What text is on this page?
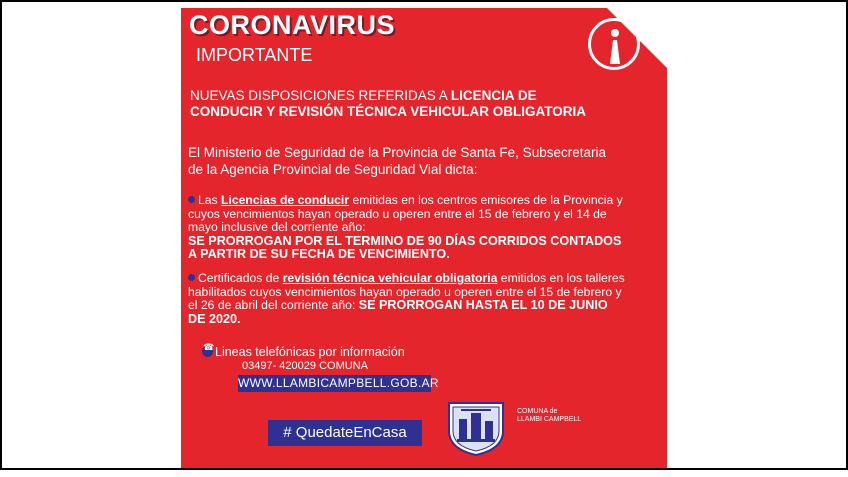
CORONAVIRUS
IMPORTANTE
NUEVAS DISPOSICIONES REFERIDAS A LICENCIA DE
CONDUCIR Y REVISIÓN TÉCNICA VEHICULAR OBLIGATORIA
El Ministerio de Seguridad de la Provincia de Santa Fe, Subsecretaria
de la Agencia Provincial de Seguridad Vial dicta:
Las Licencias de conducir emitidas en los centros emisores de la Provincia y
cuyos vencimientos hayan operado u operen entre el 15 de febrero y el 14 de
mayo inclusive del corriente año:
SE PRORROGAN POR EL TERMINO DE 90 DÍAS CORRIDOS CONTADOS
A PARTIR DE SU FECHA DE VENCIMIENTO.
Certificados de revisión técnica vehicular obligatoria emitidos en los talleres
habilitados cuyos vencimientos hayan operado u operen entre el 15 de febrero y
el 26 de abril del corriente año: SE PRORROGAN HASTA EL 10 DE JUNIO
DE 2020.
☎Lineas telefónicas por información
03497- 420029 COMUNA
WWW.LLAMBICAMPBELL.GOB.AR
# QuedateEnCasa
COMUNA de
LLAMBI CAMPBELL
